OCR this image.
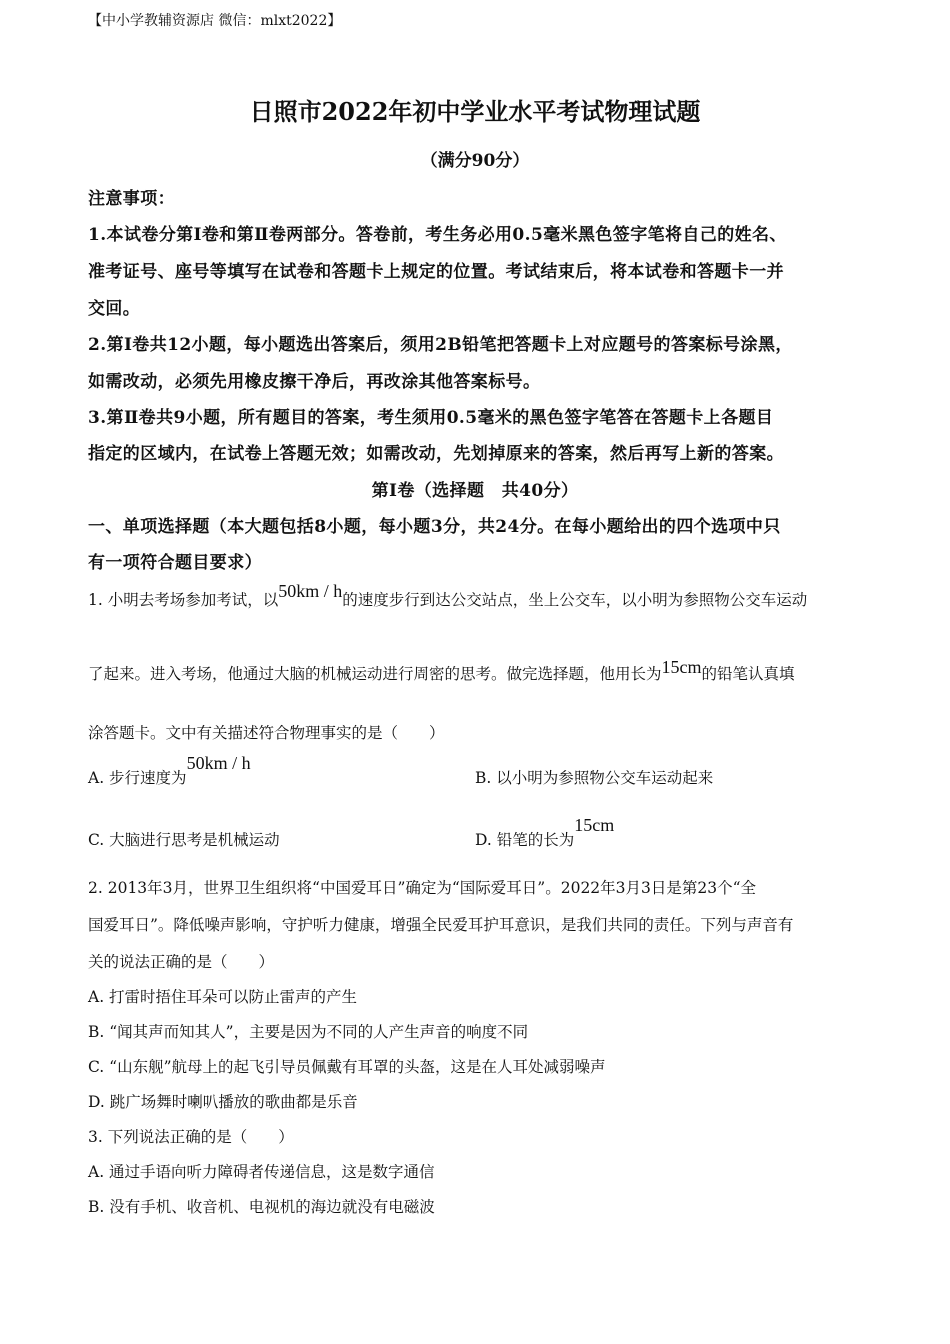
【中小学教辅资源店 微信：mlxt2022】
日照市2022年初中学业水平考试物理试题
（满分90分）
注意事项：
1.本试卷分第Ⅰ卷和第Ⅱ卷两部分。答卷前，考生务必用0.5毫米黑色签字笔将自己的姓名、
准考证号、座号等填写在试卷和答题卡上规定的位置。考试结束后，将本试卷和答题卡一并
交回。
2.第Ⅰ卷共12小题，每小题选出答案后，须用2B铅笔把答题卡上对应题号的答案标号涂黑，
如需改动，必须先用橡皮擦干净后，再改涂其他答案标号。
3.第Ⅱ卷共9小题，所有题目的答案，考生须用0.5毫米的黑色签字笔答在答题卡上各题目
指定的区域内，在试卷上答题无效；如需改动，先划掉原来的答案，然后再写上新的答案。
第Ⅰ卷（选择题　共40分）
一、单项选择题（本大题包括8小题，每小题3分，共24分。在每小题给出的四个选项中只
有一项符合题目要求）
1. 小明去考场参加考试，以50km / h的速度步行到达公交站点，坐上公交车，以小明为参照物公交车运动
了起来。进入考场，他通过大脑的机械运动进行周密的思考。做完选择题，他用长为15cm的铅笔认真填
涂答题卡。文中有关描述符合物理事实的是（　　）
A. 步行速度为50km / h
B. 以小明为参照物公交车运动起来
C. 大脑进行思考是机械运动	D. 铅笔的长为15cm
2. 2013年3月，世界卫生组织将“中国爱耳日”确定为“国际爱耳日”。2022年3月3日是第23个“全
国爱耳日”。降低噪声影响，守护听力健康，增强全民爱耳护耳意识，是我们共同的责任。下列与声音有
关的说法正确的是（　　）
A. 打雷时捂住耳朵可以防止雷声的产生
B. “闻其声而知其人”，主要是因为不同的人产生声音的响度不同
C. “山东舰”航母上的起飞引导员佩戴有耳罩的头盔，这是在人耳处减弱噪声
D. 跳广场舞时喇叭播放的歌曲都是乐音
3. 下列说法正确的是（　　）
A. 通过手语向听力障碍者传递信息，这是数字通信
B. 没有手机、收音机、电视机的海边就没有电磁波
